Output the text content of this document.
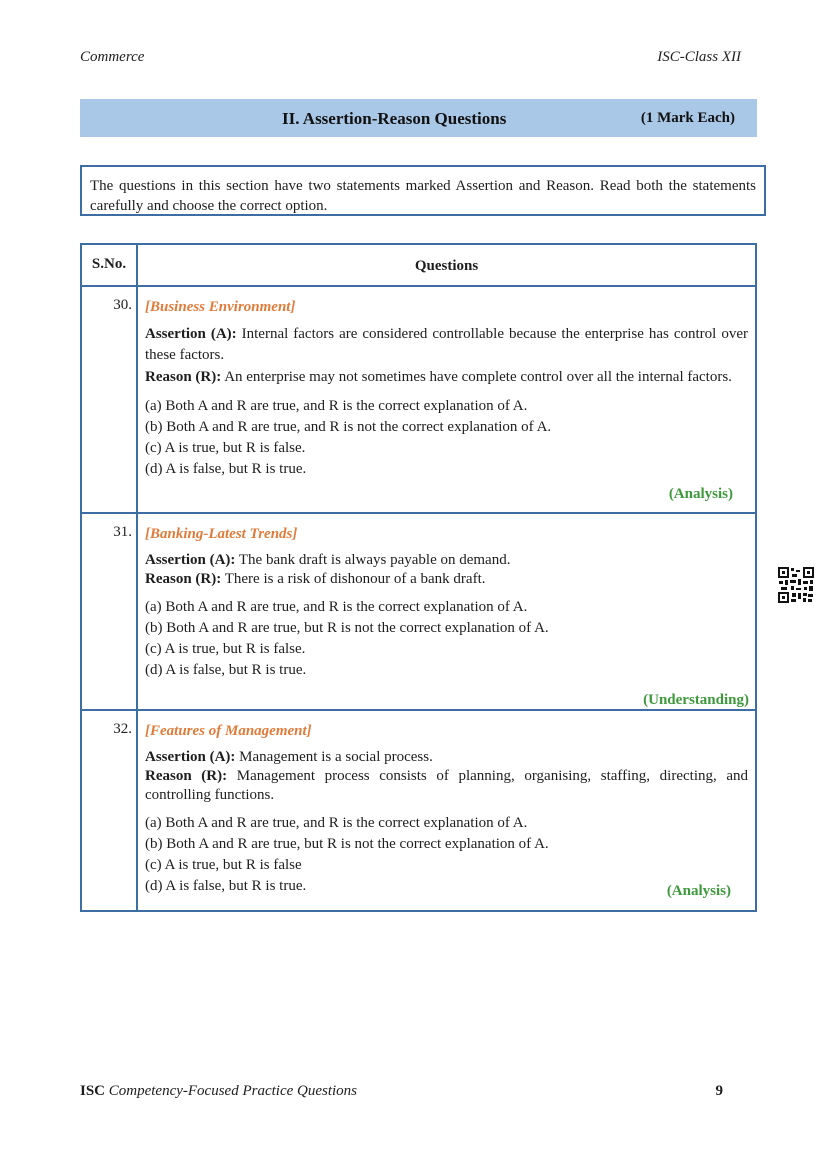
Commerce	ISC-Class XII
II. Assertion-Reason Questions	(1 Mark Each)
The questions in this section have two statements marked Assertion and Reason. Read both the statements carefully and choose the correct option.
S.No.	Questions
30. [Business Environment]
Assertion (A): Internal factors are considered controllable because the enterprise has control over these factors.
Reason (R): An enterprise may not sometimes have complete control over all the internal factors.
(a) Both A and R are true, and R is the correct explanation of A.
(b) Both A and R are true, and R is not the correct explanation of A.
(c) A is true, but R is false.
(d) A is false, but R is true.
(Analysis)
31. [Banking-Latest Trends]
Assertion (A): The bank draft is always payable on demand.
Reason (R): There is a risk of dishonour of a bank draft.
(a) Both A and R are true, and R is the correct explanation of A.
(b) Both A and R are true, but R is not the correct explanation of A.
(c) A is true, but R is false.
(d) A is false, but R is true.
(Understanding)
32. [Features of Management]
Assertion (A): Management is a social process.
Reason (R): Management process consists of planning, organising, staffing, directing, and controlling functions.
(a) Both A and R are true, and R is the correct explanation of A.
(b) Both A and R are true, but R is not the correct explanation of A.
(c) A is true, but R is false
(d) A is false, but R is true.	(Analysis)
ISC Competency-Focused Practice Questions	9
